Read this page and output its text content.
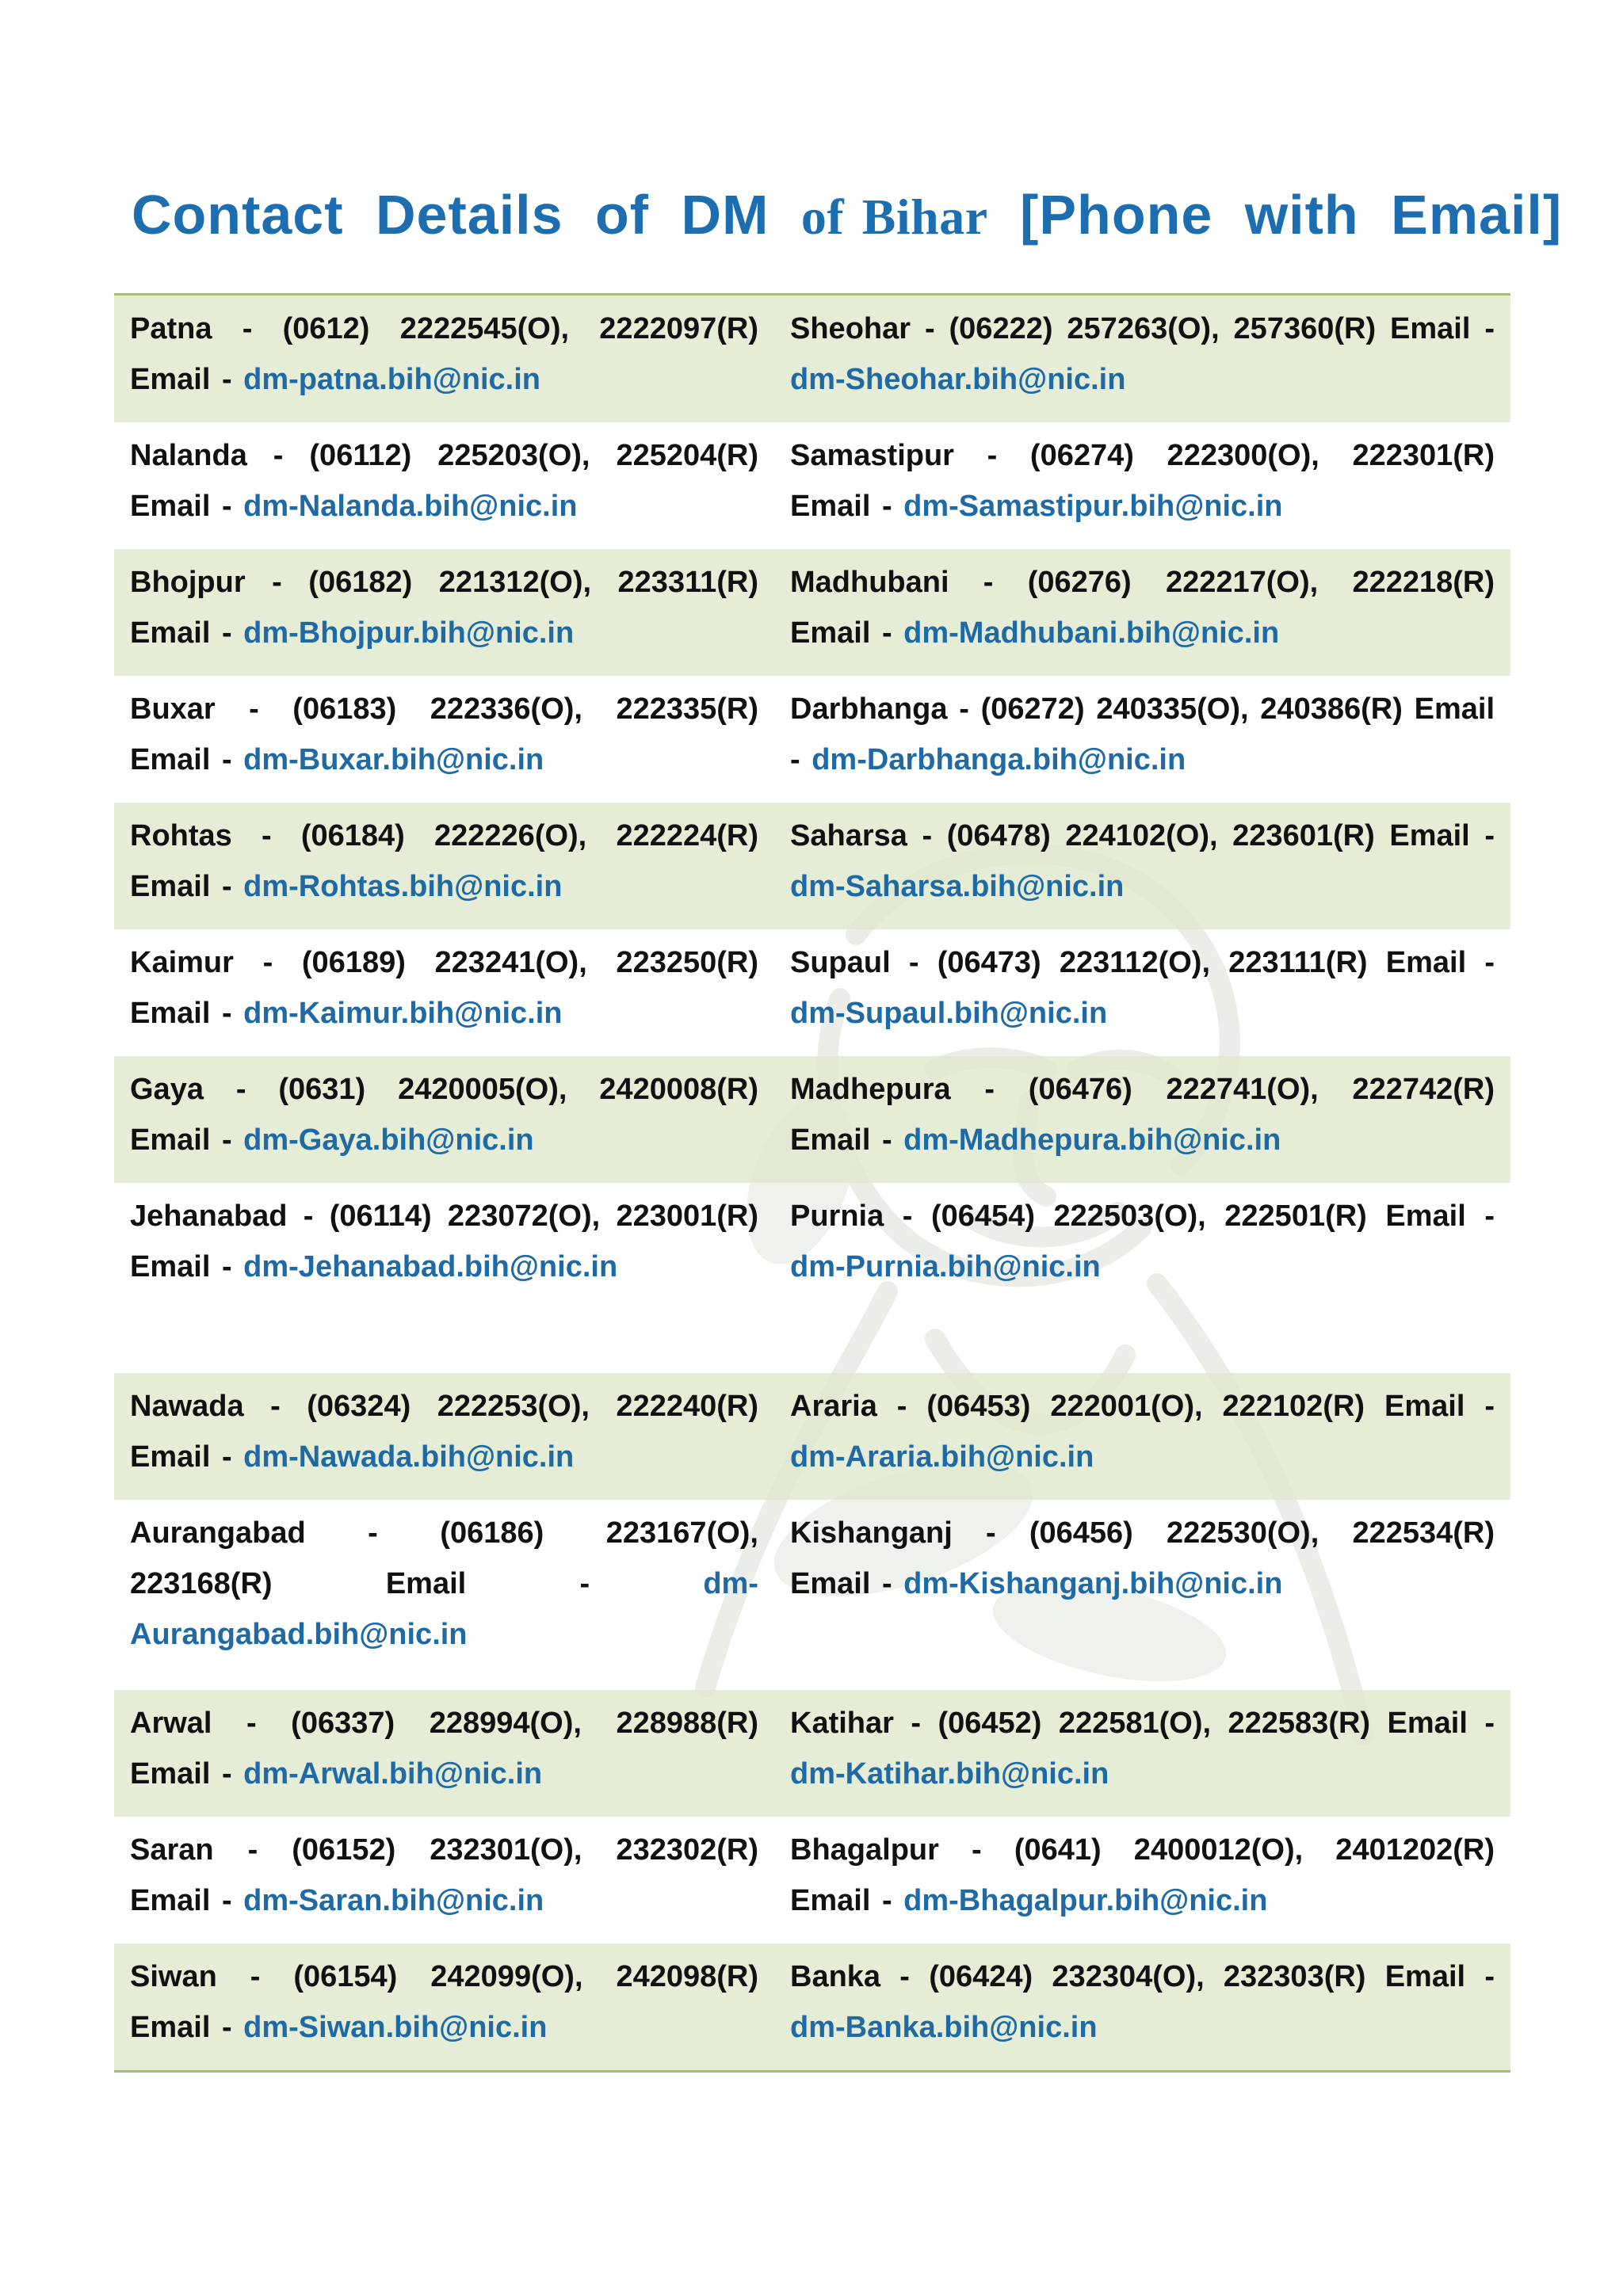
Contact Details of DM of Bihar [Phone with Email]
Patna - (0612) 2222545(O), 2222097(R) Email - dm-patna.bih@nic.in
Sheohar - (06222) 257263(O), 257360(R) Email - dm-Sheohar.bih@nic.in
Nalanda - (06112) 225203(O), 225204(R) Email - dm-Nalanda.bih@nic.in
Samastipur - (06274) 222300(O), 222301(R) Email - dm-Samastipur.bih@nic.in
Bhojpur - (06182) 221312(O), 223311(R) Email - dm-Bhojpur.bih@nic.in
Madhubani - (06276) 222217(O), 222218(R) Email - dm-Madhubani.bih@nic.in
Buxar - (06183) 222336(O), 222335(R) Email - dm-Buxar.bih@nic.in
Darbhanga - (06272) 240335(O), 240386(R) Email - dm-Darbhanga.bih@nic.in
Rohtas - (06184) 222226(O), 222224(R) Email - dm-Rohtas.bih@nic.in
Saharsa - (06478) 224102(O), 223601(R) Email - dm-Saharsa.bih@nic.in
Kaimur - (06189) 223241(O), 223250(R) Email - dm-Kaimur.bih@nic.in
Supaul - (06473) 223112(O), 223111(R) Email - dm-Supaul.bih@nic.in
Gaya - (0631) 2420005(O), 2420008(R) Email - dm-Gaya.bih@nic.in
Madhepura - (06476) 222741(O), 222742(R) Email - dm-Madhepura.bih@nic.in
Jehanabad - (06114) 223072(O), 223001(R) Email - dm-Jehanabad.bih@nic.in
Purnia - (06454) 222503(O), 222501(R) Email - dm-Purnia.bih@nic.in
Nawada - (06324) 222253(O), 222240(R) Email - dm-Nawada.bih@nic.in
Araria - (06453) 222001(O), 222102(R) Email - dm-Araria.bih@nic.in
Aurangabad - (06186) 223167(O), 223168(R)	Email - dm-Aurangabad.bih@nic.in
Kishanganj - (06456) 222530(O), 222534(R) Email - dm-Kishanganj.bih@nic.in
Arwal - (06337) 228994(O), 228988(R) Email - dm-Arwal.bih@nic.in
Katihar - (06452) 222581(O), 222583(R) Email - dm-Katihar.bih@nic.in
Saran - (06152) 232301(O), 232302(R) Email - dm-Saran.bih@nic.in
Bhagalpur - (0641) 2400012(O), 2401202(R) Email - dm-Bhagalpur.bih@nic.in
Siwan - (06154) 242099(O), 242098(R) Email - dm-Siwan.bih@nic.in
Banka - (06424) 232304(O), 232303(R) Email - dm-Banka.bih@nic.in
